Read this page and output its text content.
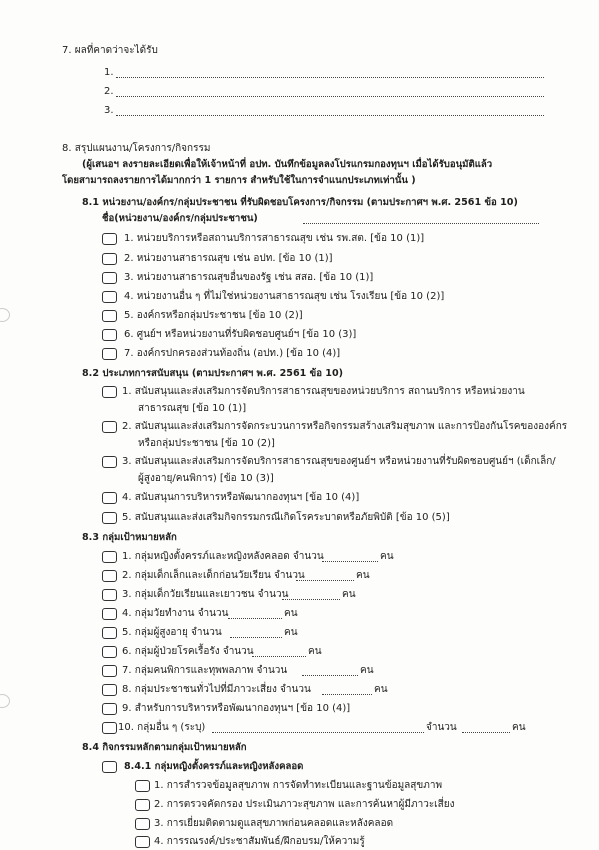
7. ผลที่คาดว่าจะได้รับ
1.
2.
3.
8. สรุปแผนงาน/โครงการ/กิจกรรม
(ผู้เสนอฯ ลงรายละเอียดเพื่อให้เจ้าหน้าที่ อปท. บันทึกข้อมูลลงโปรแกรมกองทุนฯ เมื่อได้รับอนุมัติแล้ว
โดยสามารถลงรายการได้มากกว่า 1 รายการ สำหรับใช้ในการจำแนกประเภทเท่านั้น )
8.1 หน่วยงาน/องค์กร/กลุ่มประชาชน ที่รับผิดชอบโครงการ/กิจกรรม (ตามประกาศฯ พ.ศ. 2561 ข้อ 10)
ชื่อ(หน่วยงาน/องค์กร/กลุ่มประชาชน)
1. หน่วยบริการหรือสถานบริการสาธารณสุข เช่น รพ.สต. [ข้อ 10 (1)]
2. หน่วยงานสาธารณสุข เช่น อปท. [ข้อ 10 (1)]
3. หน่วยงานสาธารณสุขอื่นของรัฐ เช่น สสอ. [ข้อ 10 (1)]
4. หน่วยงานอื่น ๆ ที่ไม่ใช่หน่วยงานสาธารณสุข เช่น โรงเรียน [ข้อ 10 (2)]
5. องค์กรหรือกลุ่มประชาชน [ข้อ 10 (2)]
6. ศูนย์ฯ หรือหน่วยงานที่รับผิดชอบศูนย์ฯ [ข้อ 10 (3)]
7. องค์กรปกครองส่วนท้องถิ่น (อปท.) [ข้อ 10 (4)]
8.2 ประเภทการสนับสนุน (ตามประกาศฯ พ.ศ. 2561 ข้อ 10)
1. สนับสนุนและส่งเสริมการจัดบริการสาธารณสุขของหน่วยบริการ สถานบริการ หรือหน่วยงาน
สาธารณสุข [ข้อ 10 (1)]
2. สนับสนุนและส่งเสริมการจัดกระบวนการหรือกิจกรรมสร้างเสริมสุขภาพ และการป้องกันโรคขององค์กร
หรือกลุ่มประชาชน [ข้อ 10 (2)]
3. สนับสนุนและส่งเสริมการจัดบริการสาธารณสุขของศูนย์ฯ หรือหน่วยงานที่รับผิดชอบศูนย์ฯ (เด็กเล็ก/
ผู้สูงอายุ/คนพิการ) [ข้อ 10 (3)]
4. สนับสนุนการบริหารหรือพัฒนากองทุนฯ [ข้อ 10 (4)]
5. สนับสนุนและส่งเสริมกิจกรรมกรณีเกิดโรคระบาดหรือภัยพิบัติ [ข้อ 10 (5)]
8.3 กลุ่มเป้าหมายหลัก
1. กลุ่มหญิงตั้งครรภ์และหญิงหลังคลอด จำนวน	คน
2. กลุ่มเด็กเล็กและเด็กก่อนวัยเรียน จำนวน	คน
3. กลุ่มเด็กวัยเรียนและเยาวชน จำนวน	คน
4. กลุ่มวัยทำงาน จำนวน	คน
5. กลุ่มผู้สูงอายุ จำนวน	คน
6. กลุ่มผู้ป่วยโรคเรื้อรัง จำนวน	คน
7. กลุ่มคนพิการและทุพพลภาพ จำนวน	คน
8. กลุ่มประชาชนทั่วไปที่มีภาวะเสี่ยง จำนวน	คน
9. สำหรับการบริหารหรือพัฒนากองทุนฯ [ข้อ 10 (4)]
10. กลุ่มอื่น ๆ (ระบุ)	จำนวน	คน
8.4 กิจกรรมหลักตามกลุ่มเป้าหมายหลัก
8.4.1 กลุ่มหญิงตั้งครรภ์และหญิงหลังคลอด
1. การสำรวจข้อมูลสุขภาพ การจัดทำทะเบียนและฐานข้อมูลสุขภาพ
2. การตรวจคัดกรอง ประเมินภาวะสุขภาพ และการค้นหาผู้มีภาวะเสี่ยง
3. การเยี่ยมติดตามดูแลสุขภาพก่อนคลอดและหลังคลอด
4. การรณรงค์/ประชาสัมพันธ์/ฝึกอบรม/ให้ความรู้
